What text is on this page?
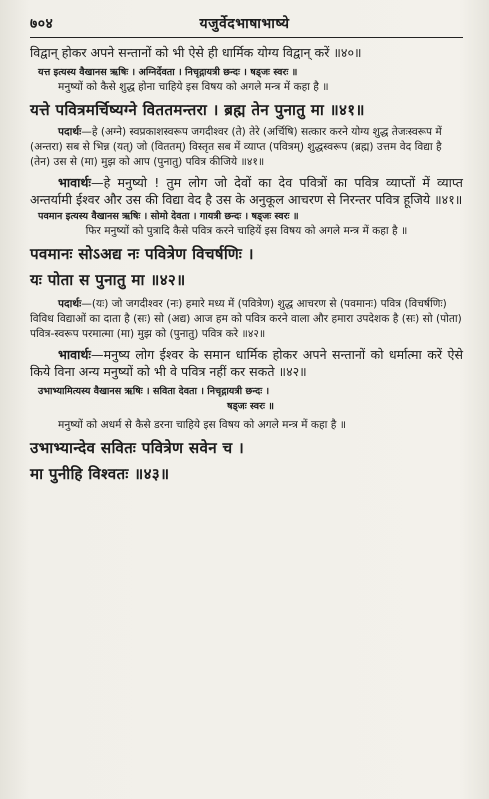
७०४	यजुर्वेदभाषाभाष्ये

विद्वान् होकर अपने सन्तानों को भी ऐसे ही धार्मिक योग्य विद्वान् करें ॥४०॥

यत्त इत्यस्य वैखानस ऋषिः । अग्निर्देवता । निचृद्गायत्री छन्दः । षड्जः स्वरः ॥

मनुष्यों को कैसे शुद्ध होना चाहिये इस विषय को अगले मन्त्र में कहा है ॥

यत्ते पवित्रमर्चिष्यग्ने विततमन्तरा । ब्रह्म तेन पुनातु मा ॥४१॥

पदार्थः—हे (अग्ने) स्वप्रकाशस्वरूप जगदीश्वर (ते) तेरे (अर्चिषि) सत्कार करने योग्य शुद्ध तेजःस्वरूप में (अन्तरा) सब से भिन्न (यत्) जो (विततम्) विस्तृत सब में व्याप्त (पवित्रम्) शुद्धस्वरूप (ब्रह्म) उत्तम वेद विद्या है (तेन) उस से (मा) मुझ को आप (पुनातु) पवित्र कीजिये ॥४१॥

भावार्थः—हे मनुष्यो ! तुम लोग जो देवों का देव पवित्रों का पवित्र व्याप्तों में व्याप्त अन्तर्यामी ईश्वर और उस की विद्या वेद है उस के अनुकूल आचरण से निरन्तर पवित्र हूजिये ॥४१॥

पवमान इत्यस्य वैखानस ऋषिः । सोमो देवता । गायत्री छन्दः । षड्जः स्वरः ॥

फिर मनुष्यों को पुत्रादि कैसे पवित्र करने चाहियें इस विषय को अगले मन्त्र में कहा है ॥

पवमानः सोऽअद्य नः पवित्रेण विचर्षणिः ।

यः पोता स पुनातु मा ॥४२॥

पदार्थः—(यः) जो जगदीश्वर (नः) हमारे मध्य में (पवित्रेण) शुद्ध आचरण से (पवमानः) पवित्र (विचर्षणिः) विविध विद्याओं का दाता है (सः) सो (अद्य) आज हम को पवित्र करने वाला और हमारा उपदेशक है (सः) सो (पोता) पवित्र-स्वरूप परमात्मा (मा) मुझ को (पुनातु) पवित्र करे ॥४२॥

भावार्थः—मनुष्य लोग ईश्वर के समान धार्मिक होकर अपने सन्तानों को धर्मात्मा करें ऐसे किये विना अन्य मनुष्यों को भी वे पवित्र नहीं कर सकते ॥४२॥

उभाभ्यामित्यस्य वैखानस ऋषिः । सविता देवता । निचृद्गायत्री छन्दः ।

षड्जः स्वरः ॥

मनुष्यों को अधर्म से कैसे डरना चाहिये इस विषय को अगले मन्त्र में कहा है ॥

उभाभ्यान्देव सवितः पवित्रेण सवेन च ।

मा पुनीहि विश्वतः ॥४३॥
